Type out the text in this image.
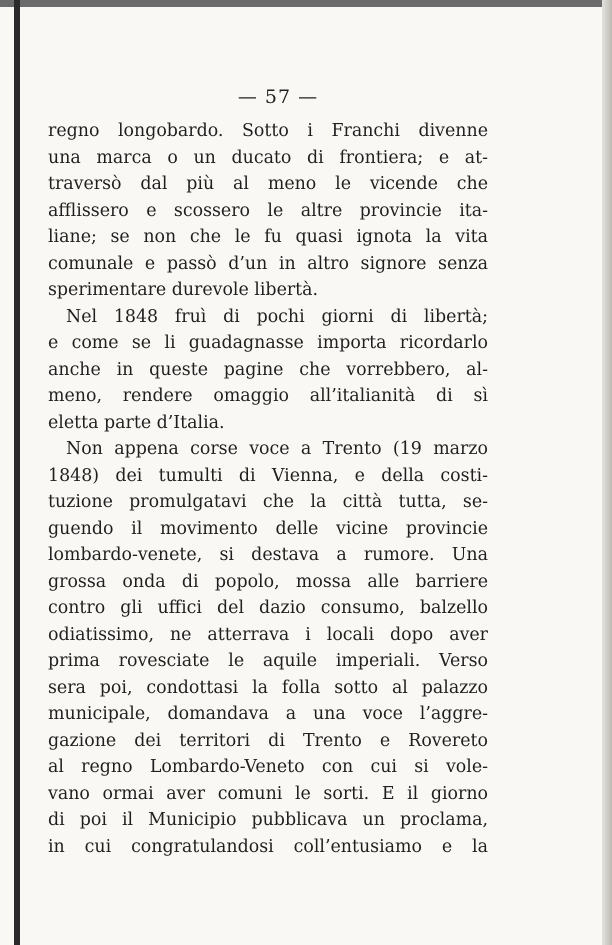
— 57 —
regno longobardo. Sotto i Franchi divenne
una marca o un ducato di frontiera; e at-
traversò dal più al meno le vicende che
afflissero e scossero le altre provincie ita-
liane; se non che le fu quasi ignota la vita
comunale e passò d’un in altro signore senza
sperimentare durevole libertà.
Nel 1848 fruì di pochi giorni di libertà;
e come se li guadagnasse importa ricordarlo
anche in queste pagine che vorrebbero, al-
meno, rendere omaggio all’italianità di sì
eletta parte d’Italia.
Non appena corse voce a Trento (19 marzo
1848) dei tumulti di Vienna, e della costi-
tuzione promulgatavi che la città tutta, se-
guendo il movimento delle vicine provincie
lombardo-venete, si destava a rumore. Una
grossa onda di popolo, mossa alle barriere
contro gli uffici del dazio consumo, balzello
odiatissimo, ne atterrava i locali dopo aver
prima rovesciate le aquile imperiali. Verso
sera poi, condottasi la folla sotto al palazzo
municipale, domandava a una voce l’aggre-
gazione dei territori di Trento e Rovereto
al regno Lombardo-Veneto con cui si vole-
vano ormai aver comuni le sorti. E il giorno
di poi il Municipio pubblicava un proclama,
in cui congratulandosi coll’entusiamo e la
